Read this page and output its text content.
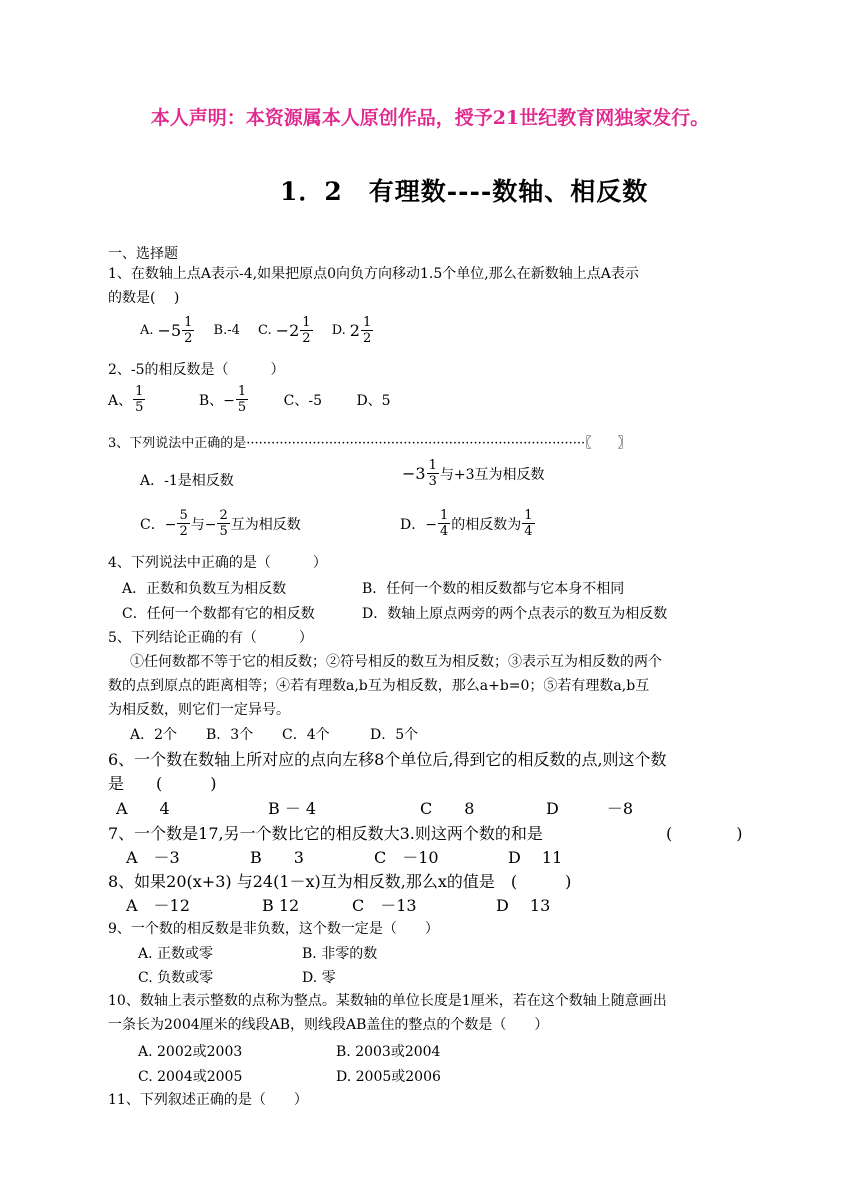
本人声明：本资源属本人原创作品，授予21世纪教育网独家发行。
1．2　有理数----数轴、相反数
一、选择题
1、在数轴上点A表示-4,如果把原点0向负方向移动1.5个单位,那么在新数轴上点A表示
的数是(　 )
A. $-5 \frac{1}{2} B.-4$ C. $-2 \frac{1}{2}$
D. $2 \frac{1}{2}$
2、-5的相反数是（　　　）
A、 $\frac{1}{5}$
	B、− $\frac{1}{5}$	C、-5 D、5
3、下列说法中正确的是··················································································〖　　〗
A．-1是相反数	$-3 \frac{1}{3}$ 与+3互为相反数
C．− $\frac{5}{2}$ 与− $\frac{2}{5}$ 互为相反数	D．− $\frac{1}{4}$ 的相反数为 $\frac{1}{4}$
4、下列说法中正确的是（　　　）
A．正数和负数互为相反数	B．任何一个数的相反数都与它本身不相同
C．任何一个数都有它的相反数	D．数轴上原点两旁的两个点表示的数互为相反数
5、下列结论正确的有（　　　）
①任何数都不等于它的相反数；②符号相反的数互为相反数；③表示互为相反数的两个
数的点到原点的距离相等；④若有理数a,b互为相反数，那么a+b=0；⑤若有理数a,b互
为相反数，则它们一定异号。
A．2个 B．3个 C．4个	D．5个
6、一个数在数轴上所对应的点向左移8个单位后,得到它的相反数的点,则这个数
是　　(　　　)
A　　4	B － 4	C　　8	D　　　－8
7、一个数是17,另一个数比它的相反数大3.则这两个数的和是	(　　　　)
A　－3	B　　3	C　－10	D　 11
8、如果20(x+3) 与24(1－x)互为相反数,那么x的值是　(　　　)
A　－12	B 12	C　－13	D　 13
9、一个数的相反数是非负数，这个数一定是（　　）
A. 正数或零	B. 非零的数
C. 负数或零	D. 零
10、数轴上表示整数的点称为整点。某数轴的单位长度是1厘米，若在这个数轴上随意画出
一条长为2004厘米的线段AB，则线段AB盖住的整点的个数是（　　）
A. 2002或2003	B. 2003或2004
C. 2004或2005	D. 2005或2006
11、下列叙述正确的是（　　）
